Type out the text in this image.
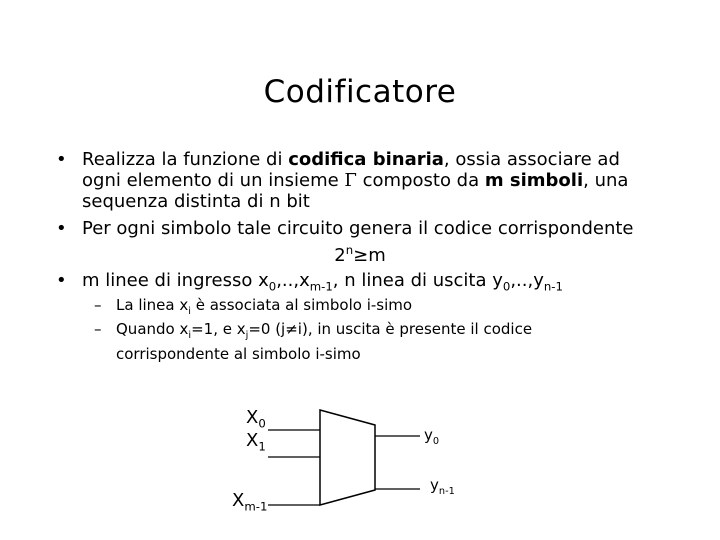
Codificatore
• Realizza la funzione di codifica binaria, ossia associare ad
ogni elemento di un insieme Γ composto da m simboli, una
sequenza distinta di n bit
• Per ogni simbolo tale circuito genera il codice corrispondente
$2^n\ge m$
• m linee di ingresso $x_0,..,x_{m-1}$, n linea di uscita $y_0,..,y_{n-1}$
– La linea $x_i$ è associata al simbolo i-simo
– Quando $x_i=1$, e $x_j=0$ (j≠i), in uscita è presente il codice
corrispondente al simbolo i-simo
$X_0$
$X_1$
$X_{m-1}$
$y_0$
$y_{n-1}$
